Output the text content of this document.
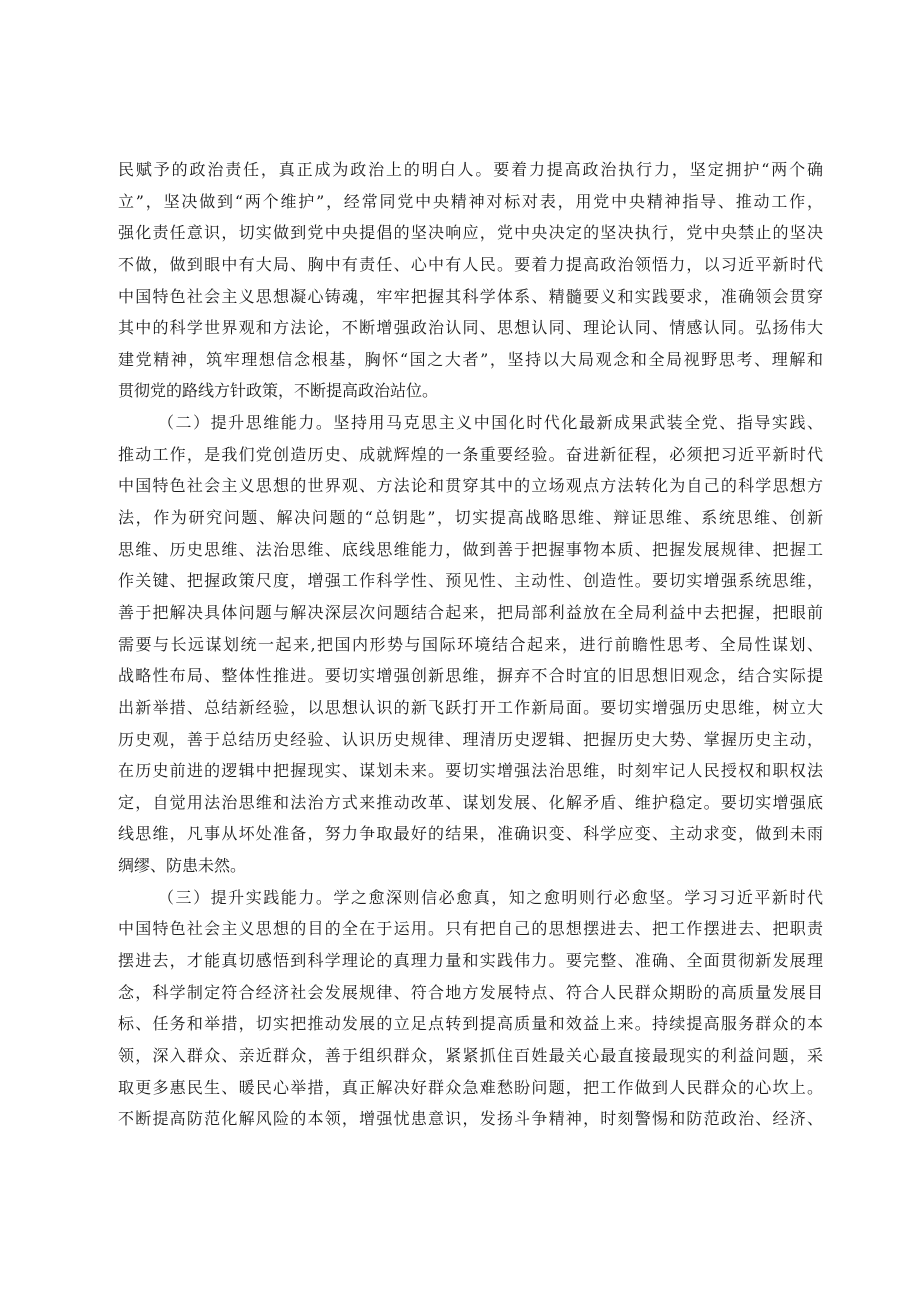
民赋予的政治责任，真正成为政治上的明白人。要着力提高政治执行力，坚定拥护“两个确
立”，坚决做到“两个维护”，经常同党中央精神对标对表，用党中央精神指导、推动工作，
强化责任意识，切实做到党中央提倡的坚决响应，党中央决定的坚决执行，党中央禁止的坚决
不做，做到眼中有大局、胸中有责任、心中有人民。要着力提高政治领悟力，以习近平新时代
中国特色社会主义思想凝心铸魂，牢牢把握其科学体系、精髓要义和实践要求，准确领会贯穿
其中的科学世界观和方法论，不断增强政治认同、思想认同、理论认同、情感认同。弘扬伟大
建党精神，筑牢理想信念根基，胸怀“国之大者”，坚持以大局观念和全局视野思考、理解和
贯彻党的路线方针政策，不断提高政治站位。
（二）提升思维能力。坚持用马克思主义中国化时代化最新成果武装全党、指导实践、
推动工作，是我们党创造历史、成就辉煌的一条重要经验。奋进新征程，必须把习近平新时代
中国特色社会主义思想的世界观、方法论和贯穿其中的立场观点方法转化为自己的科学思想方
法，作为研究问题、解决问题的“总钥匙”，切实提高战略思维、辩证思维、系统思维、创新
思维、历史思维、法治思维、底线思维能力，做到善于把握事物本质、把握发展规律、把握工
作关键、把握政策尺度，增强工作科学性、预见性、主动性、创造性。要切实增强系统思维，
善于把解决具体问题与解决深层次问题结合起来，把局部利益放在全局利益中去把握，把眼前
需要与长远谋划统一起来,把国内形势与国际环境结合起来，进行前瞻性思考、全局性谋划、
战略性布局、整体性推进。要切实增强创新思维，摒弃不合时宜的旧思想旧观念，结合实际提
出新举措、总结新经验，以思想认识的新飞跃打开工作新局面。要切实增强历史思维，树立大
历史观，善于总结历史经验、认识历史规律、理清历史逻辑、把握历史大势、掌握历史主动，
在历史前进的逻辑中把握现实、谋划未来。要切实增强法治思维，时刻牢记人民授权和职权法
定，自觉用法治思维和法治方式来推动改革、谋划发展、化解矛盾、维护稳定。要切实增强底
线思维，凡事从坏处准备，努力争取最好的结果，准确识变、科学应变、主动求变，做到未雨
绸缪、防患未然。
（三）提升实践能力。学之愈深则信必愈真，知之愈明则行必愈坚。学习习近平新时代
中国特色社会主义思想的目的全在于运用。只有把自己的思想摆进去、把工作摆进去、把职责
摆进去，才能真切感悟到科学理论的真理力量和实践伟力。要完整、准确、全面贯彻新发展理
念，科学制定符合经济社会发展规律、符合地方发展特点、符合人民群众期盼的高质量发展目
标、任务和举措，切实把推动发展的立足点转到提高质量和效益上来。持续提高服务群众的本
领，深入群众、亲近群众，善于组织群众，紧紧抓住百姓最关心最直接最现实的利益问题，采
取更多惠民生、暖民心举措，真正解决好群众急难愁盼问题，把工作做到人民群众的心坎上。
不断提高防范化解风险的本领，增强忧患意识，发扬斗争精神，时刻警惕和防范政治、经济、
